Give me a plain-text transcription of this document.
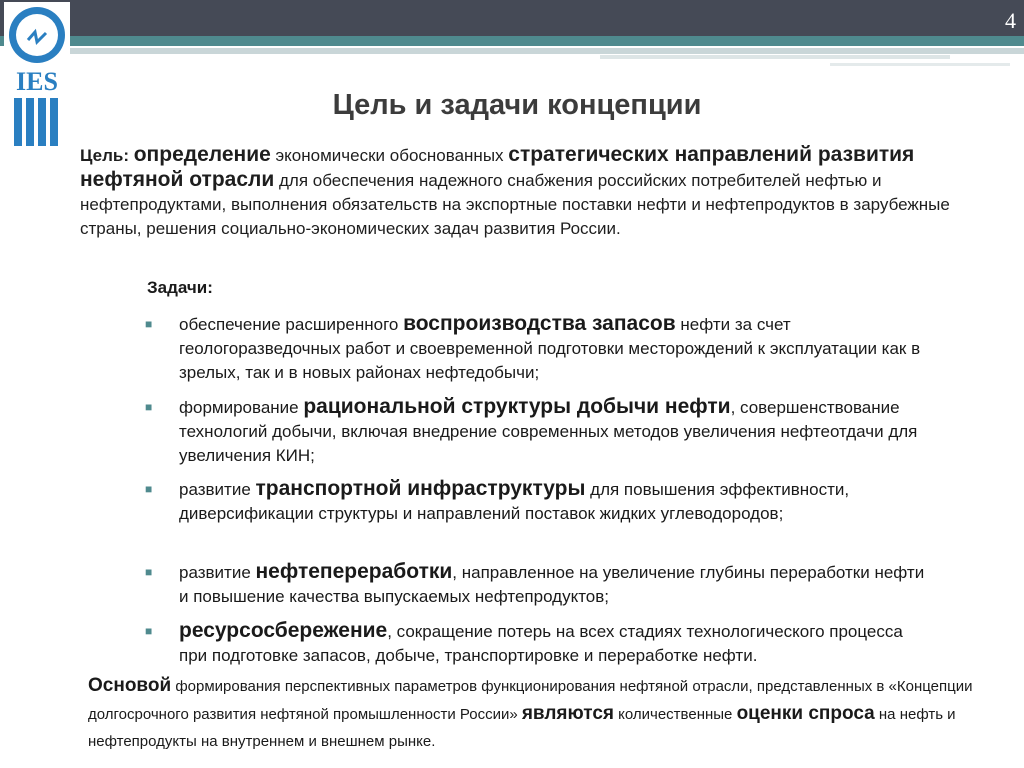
4
IES
Цель и задачи концепции
Цель: определение экономически обоснованных стратегических направлений развития нефтяной отрасли для обеспечения надежного снабжения российских потребителей нефтью и нефтепродуктами, выполнения обязательств на экспортные поставки нефти и нефтепродуктов в зарубежные страны, решения социально-экономических задач развития России.
Задачи:
■ обеспечение расширенного воспроизводства запасов нефти за счет геологоразведочных работ и своевременной подготовки месторождений к эксплуатации как в зрелых, так и в новых районах нефтедобычи;
■ формирование рациональной структуры добычи нефти, совершенствование технологий добычи, включая внедрение современных методов увеличения нефтеотдачи для увеличения КИН;
■ развитие транспортной инфраструктуры для повышения эффективности, диверсификации структуры и направлений поставок жидких углеводородов;
■ развитие нефтепереработки, направленное на увеличение глубины переработки нефти и повышение качества выпускаемых нефтепродуктов;
■ ресурсосбережение, сокращение потерь на всех стадиях технологического процесса при подготовке запасов, добыче, транспортировке и переработке нефти.
Основой формирования перспективных параметров функционирования нефтяной отрасли, представленных в «Концепции долгосрочного развития нефтяной промышленности России» являются количественные оценки спроса на нефть и нефтепродукты на внутреннем и внешнем рынке.
